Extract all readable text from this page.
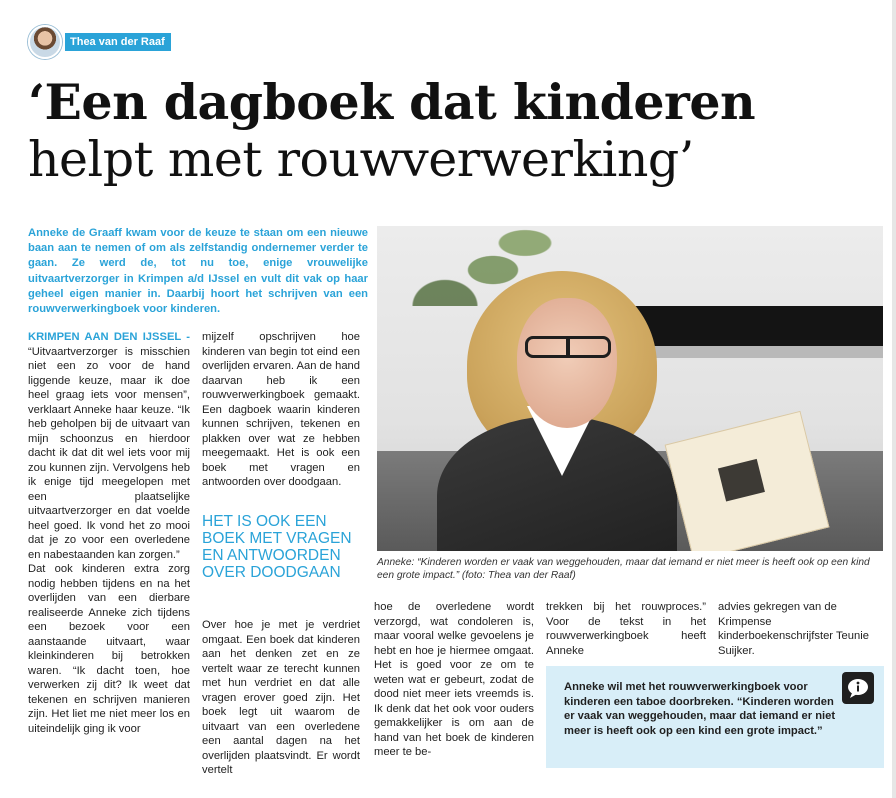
Thea van der Raaf
‘Een dagboek dat kinderen
helpt met rouwverwerking’
Anneke de Graaff kwam voor de keuze te staan om een nieuwe baan aan te nemen of om als zelfstandig ondernemer verder te gaan. Ze werd de, tot nu toe, enige vrouwelijke uitvaartverzorger in Krimpen a/d IJssel en vult dit vak op haar geheel eigen manier in. Daarbij hoort het schrijven van een rouwverwerkingboek voor kinderen.

KRIMPEN AAN DEN IJSSEL - “Uitvaartverzorger is misschien niet een zo voor de hand liggende keuze, maar ik doe heel graag iets voor mensen”, verklaart Anneke haar keuze. “Ik heb geholpen bij de uitvaart van mijn schoonzus en hierdoor dacht ik dat dit wel iets voor mij zou kunnen zijn. Vervolgens heb ik enige tijd meegelopen met een plaatselijke uitvaartverzorger en dat voelde heel goed. Ik vond het zo mooi dat je zo voor een overledene en nabestaanden kan zorgen.”

Dat ook kinderen extra zorg nodig hebben tijdens en na het overlijden van een dierbare realiseerde Anneke zich tijdens een bezoek voor een aanstaande uitvaart, waar kleinkinderen bij betrokken waren. “Ik dacht toen, hoe verwerken zij dit? Ik weet dat tekenen en schrijven manieren zijn. Het liet me niet meer los en uiteindelijk ging ik voor

mijzelf opschrijven hoe kinderen van begin tot eind een overlijden ervaren. Aan de hand daarvan heb ik een rouwverwerkingboek gemaakt. Een dagboek waarin kinderen kunnen schrijven, tekenen en plakken over wat ze hebben meegemaakt. Het is ook een boek met vragen en antwoorden over doodgaan.

HET IS OOK EEN BOEK MET VRAGEN EN ANTWOORDEN OVER DOODGAAN

Over hoe je met je verdriet omgaat. Een boek dat kinderen aan het denken zet en ze vertelt waar ze terecht kunnen met hun verdriet en dat alle vragen erover goed zijn. Het boek legt uit waarom de uitvaart van een overledene een aantal dagen na het overlijden plaatsvindt. Er wordt vertelt

Anneke: “Kinderen worden er vaak van weggehouden, maar dat iemand er niet meer is heeft ook op een kind een grote impact.” (foto: Thea van der Raaf)

hoe de overledene wordt verzorgd, wat condoleren is, maar vooral welke gevoelens je hebt en hoe je hiermee omgaat. Het is goed voor ze om te weten wat er gebeurt, zodat de dood niet meer iets vreemds is. Ik denk dat het ook voor ouders gemakkelijker is om aan de hand van het boek de kinderen meer te be-

trekken bij het rouwproces.” Voor de tekst in het rouwverwerkingboek heeft Anneke

advies gekregen van de Krimpense kinderboekenschrijfster Teunie Suijker.

Anneke wil met het rouwverwerkingboek voor kinderen een taboe doorbreken. “Kinderen worden er vaak van weggehouden, maar dat iemand er niet meer is heeft ook op een kind een grote impact.”
